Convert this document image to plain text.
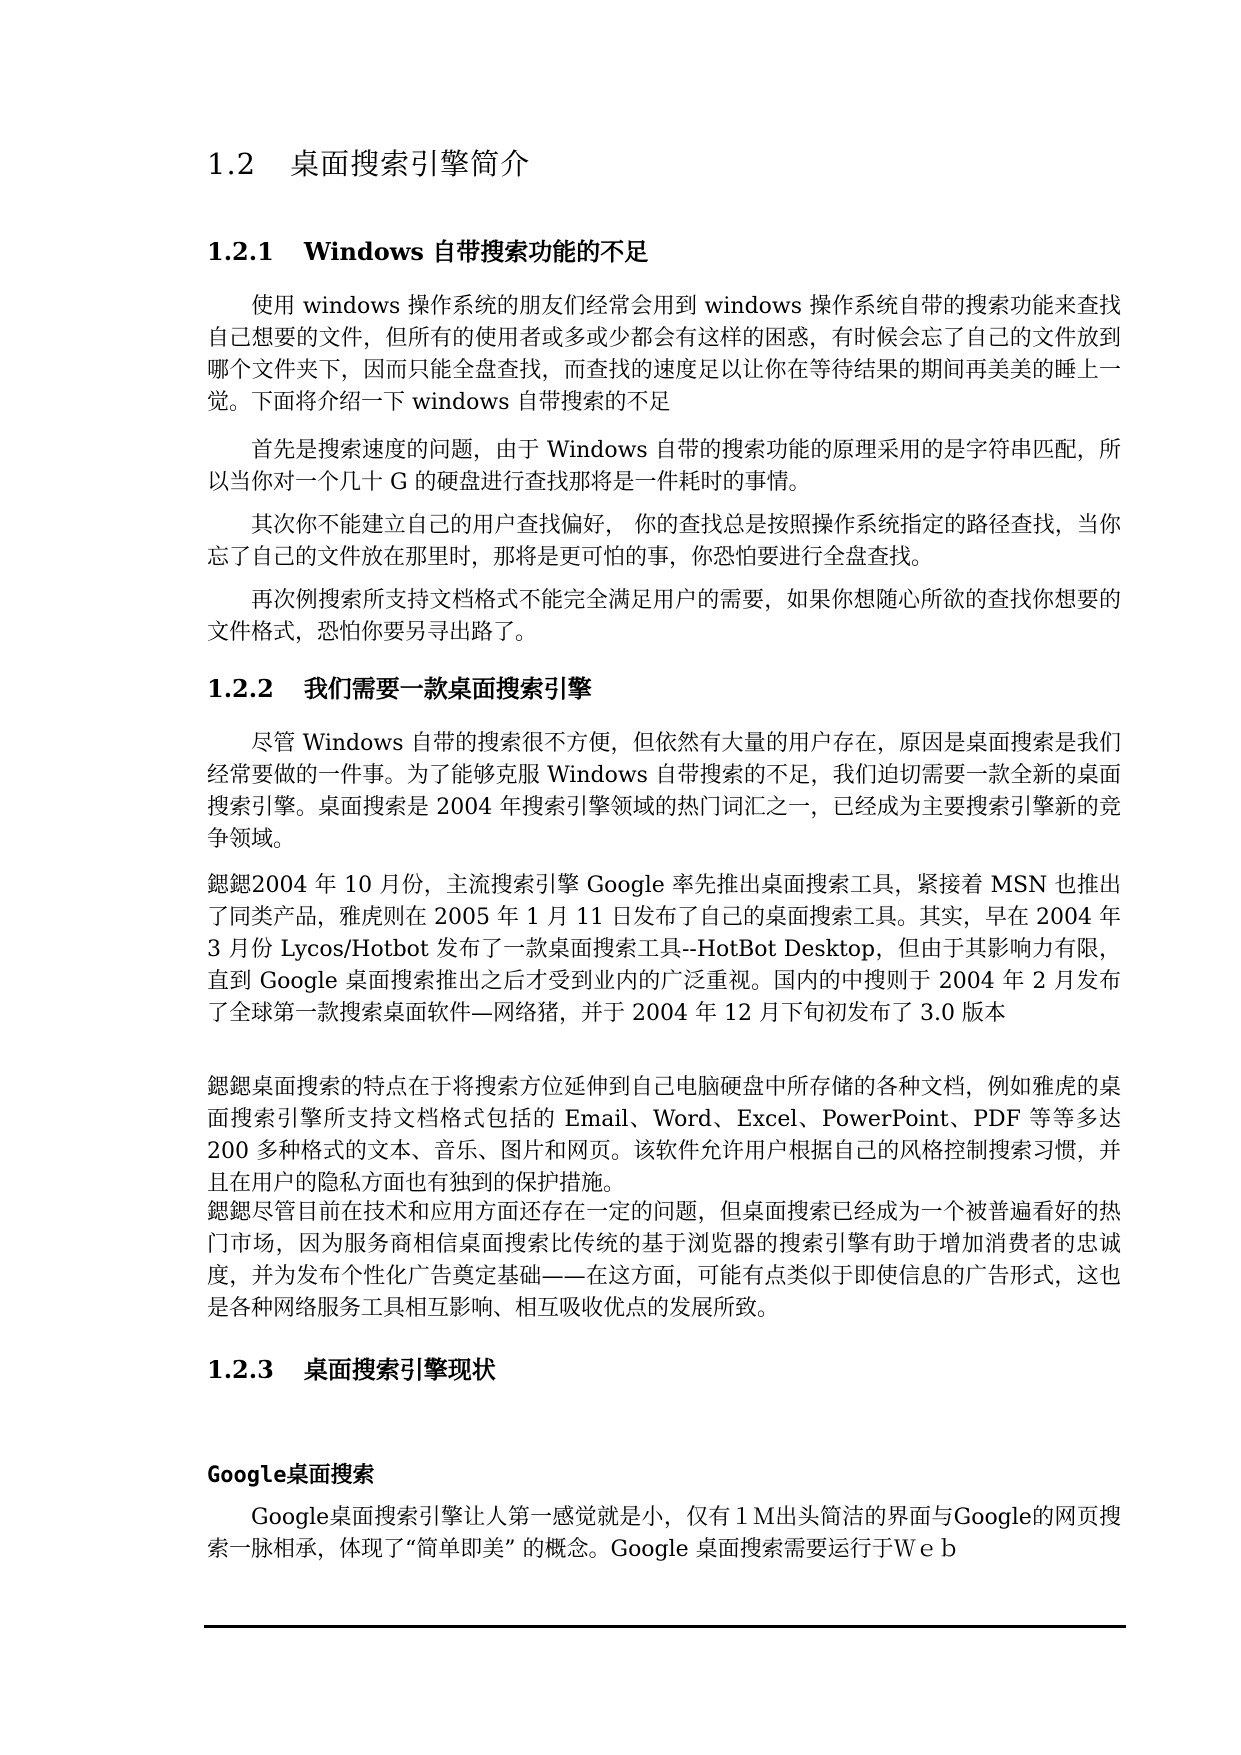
1.2 桌面搜索引擎简介
1.2.1 Windows 自带搜索功能的不足

使用 windows 操作系统的朋友们经常会用到 windows 操作系统自带的搜索功能来查找自己想要的文件，但所有的使用者或多或少都会有这样的困惑，有时候会忘了自己的文件放到哪个文件夹下，因而只能全盘查找，而查找的速度足以让你在等待结果的期间再美美的睡上一觉。下面将介绍一下 windows 自带搜索的不足

首先是搜索速度的问题，由于 Windows 自带的搜索功能的原理采用的是字符串匹配，所以当你对一个几十 G 的硬盘进行查找那将是一件耗时的事情。

其次你不能建立自己的用户查找偏好， 你的查找总是按照操作系统指定的路径查找，当你忘了自己的文件放在那里时，那将是更可怕的事，你恐怕要进行全盘查找。

再次例搜索所支持文档格式不能完全满足用户的需要，如果你想随心所欲的查找你想要的文件格式，恐怕你要另寻出路了。

1.2.2 我们需要一款桌面搜索引擎

尽管 Windows 自带的搜索很不方便，但依然有大量的用户存在，原因是桌面搜索是我们经常要做的一件事。为了能够克服 Windows 自带搜索的不足，我们迫切需要一款全新的桌面搜索引擎。桌面搜索是 2004 年搜索引擎领域的热门词汇之一，已经成为主要搜索引擎新的竞争领域。

鍶鍶2004 年 10 月份，主流搜索引擎 Google 率先推出桌面搜索工具，紧接着 MSN 也推出了同类产品，雅虎则在 2005 年 1 月 11 日发布了自己的桌面搜索工具。其实，早在 2004 年 3 月份 Lycos/Hotbot 发布了一款桌面搜索工具--HotBot Desktop，但由于其影响力有限，直到 Google 桌面搜索推出之后才受到业内的广泛重视。国内的中搜则于 2004 年 2 月发布了全球第一款搜索桌面软件—网络猪，并于 2004 年 12 月下旬初发布了 3.0 版本

鍶鍶桌面搜索的特点在于将搜索方位延伸到自己电脑硬盘中所存储的各种文档，例如雅虎的桌面搜索引擎所支持文档格式包括的 Email、Word、Excel、PowerPoint、PDF 等等多达 200 多种格式的文本、音乐、图片和网页。该软件允许用户根据自己的风格控制搜索习惯，并且在用户的隐私方面也有独到的保护措施。

鍶鍶尽管目前在技术和应用方面还存在一定的问题，但桌面搜索已经成为一个被普遍看好的热门市场，因为服务商相信桌面搜索比传统的基于浏览器的搜索引擎有助于增加消费者的忠诚度，并为发布个性化广告奠定基础——在这方面，可能有点类似于即使信息的广告形式，这也是各种网络服务工具相互影响、相互吸收优点的发展所致。

1.2.3 桌面搜索引擎现状
Google桌面搜索

Google桌面搜索引擎让人第一感觉就是小，仅有１Ｍ出头简洁的界面与Google的网页搜索一脉相承，体现了“简单即美” 的概念。Google 桌面搜索需要运行于Ｗｅｂ
